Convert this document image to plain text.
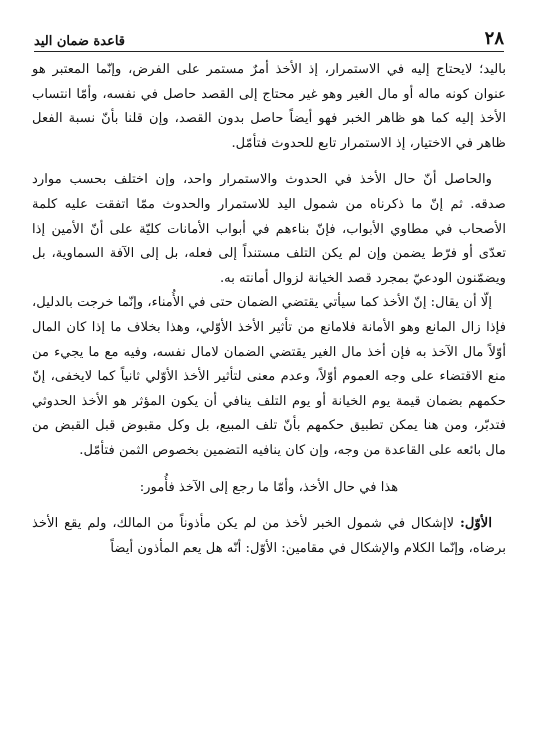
٢٨
قاعدة ضمان اليد

باليد؛ لايحتاج إليه في الاستمرار، إذ الأخذ أمرٌ مستمر على الفرض، وإنّما المعتبر هو عنوان كونه ماله أو مال الغير وهو غير محتاج إلى القصد حاصل في نفسه، وأمّا انتساب الأخذ إليه كما هو ظاهر الخبر فهو أيضاً حاصل بدون القصد، وإن قلنا بأنّ نسبة الفعل ظاهر في الاختيار، إذ الاستمرار تابع للحدوث فتأمّل.

والحاصل أنّ حال الأخذ في الحدوث والاستمرار واحد، وإن اختلف بحسب موارد صدقه. ثم إنّ ما ذكرناه من شمول اليد للاستمرار والحدوث ممّا اتفقت عليه كلمة الأصحاب في مطاوي الأبواب، فإنّ بناءهم في أبواب الأمانات كليّة على أنّ الأمين إذا تعدّى أو فرّط يضمن وإن لم يكن التلف مستنداً إلى فعله، بل إلى الآفة السماوية، بل ويضمّنون الودعيّ بمجرد قصد الخيانة لزوال أمانته به.

إلّا أن يقال: إنّ الأخذ كما سيأتي يقتضي الضمان حتى في الأُمناء، وإنّما خرجت بالدليل، فإذا زال المانع وهو الأمانة فلامانع من تأثير الأخذ الأوّلي، وهذا بخلاف ما إذا كان المال أوّلاً مال الآخذ به فإن أخذ مال الغير يقتضي الضمان لامال نفسه، وفيه مع ما يجيء من منع الاقتضاء على وجه العموم أوّلاً، وعدم معنى لتأثير الأخذ الأوّلي ثانياً كما لايخفى، إنّ حكمهم بضمان قيمة يوم الخيانة أو يوم التلف ينافي أن يكون المؤثر هو الأخذ الحدوثي فتدبّر، ومن هنا يمكن تطبيق حكمهم بأنّ تلف المبيع، بل وكل مقبوض قبل القبض من مال بائعه على القاعدة من وجه، وإن كان ينافيه التضمين بخصوص الثمن فتأمّل.

هذا في حال الأخذ، وأمّا ما رجع إلى الآخذ فأُمور:

الأوّل: لاإشكال في شمول الخبر لأخذ من لم يكن مأذوناً من المالك، ولم يقع الأخذ برضاه، وإنّما الكلام والإشكال في مقامين: الأوّل: أنّه هل يعم المأذون أيضاً
